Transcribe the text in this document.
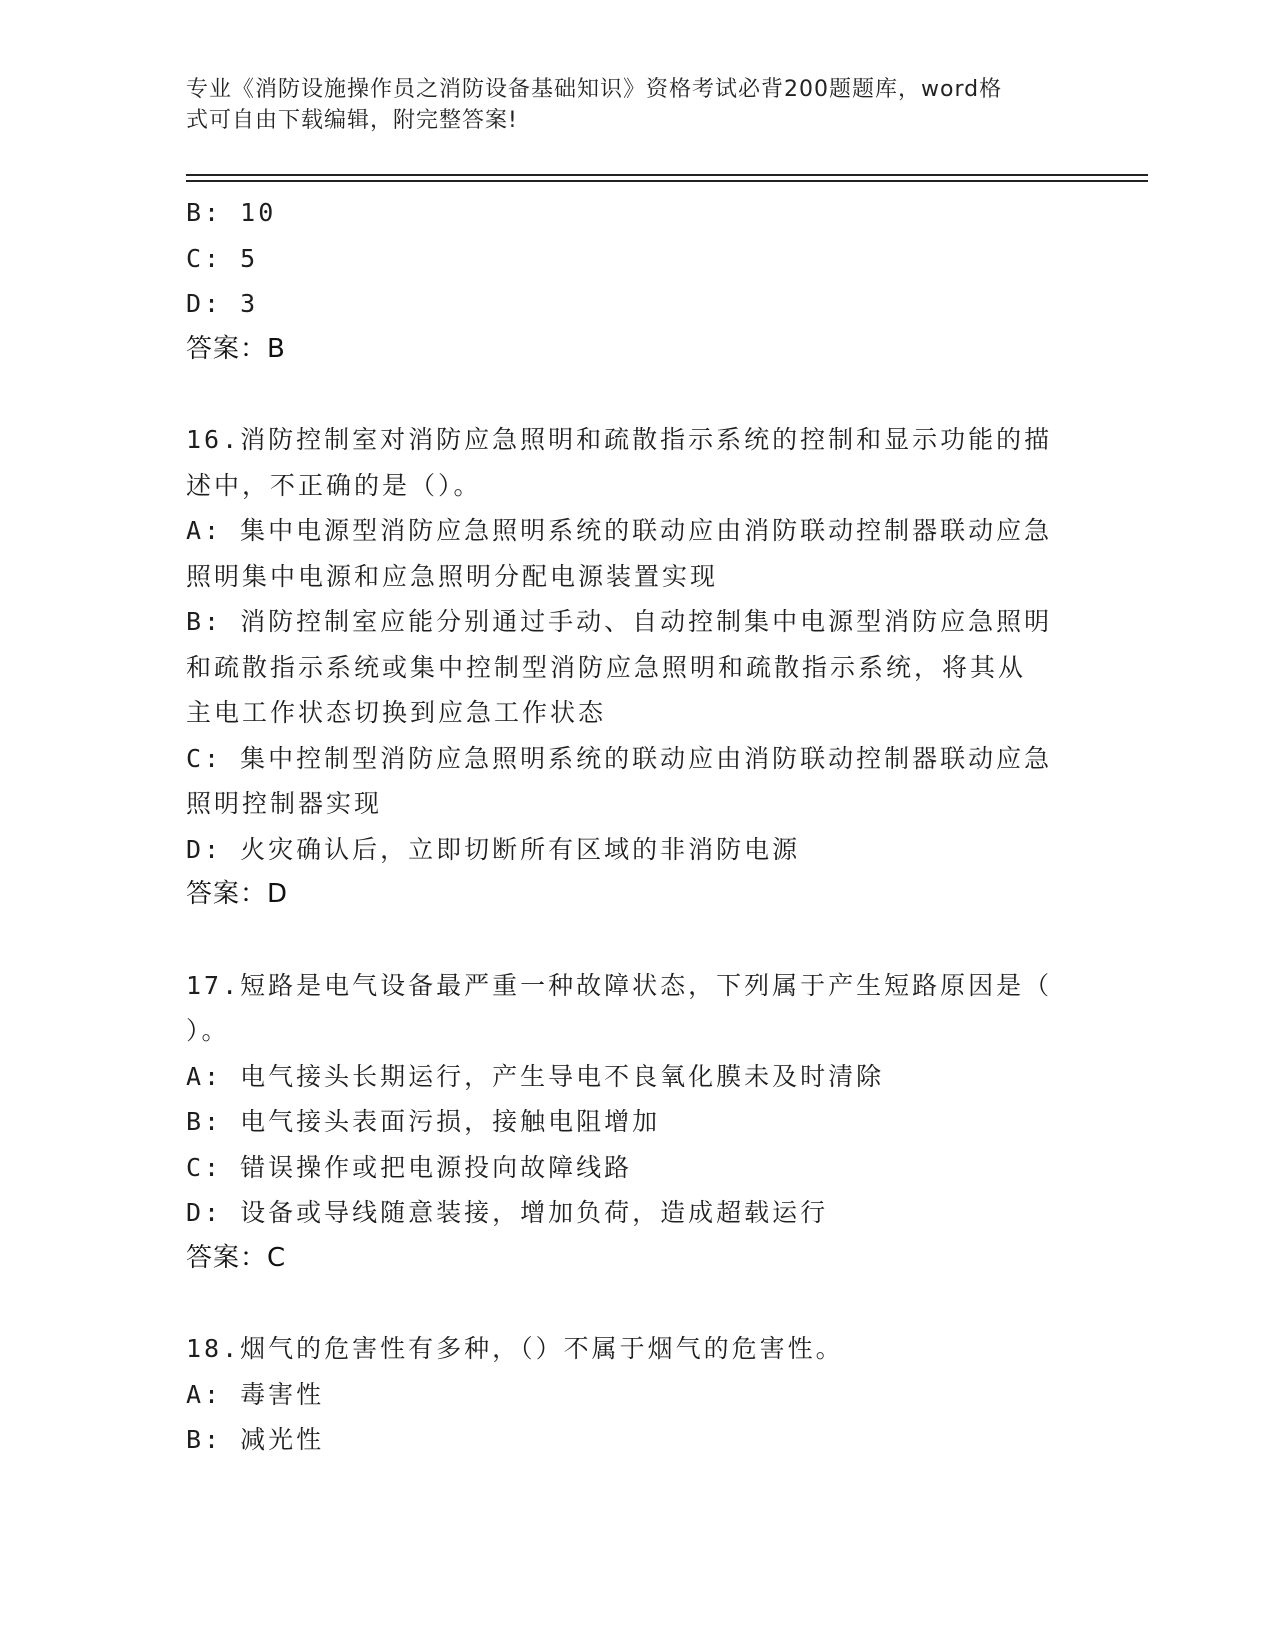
专业《消防设施操作员之消防设备基础知识》资格考试必背200题题库，word格
式可自由下载编辑，附完整答案!
B: 10
C: 5
D: 3
答案：B
16.消防控制室对消防应急照明和疏散指示系统的控制和显示功能的描
述中，不正确的是（）。
A: 集中电源型消防应急照明系统的联动应由消防联动控制器联动应急
照明集中电源和应急照明分配电源装置实现
B: 消防控制室应能分别通过手动、自动控制集中电源型消防应急照明
和疏散指示系统或集中控制型消防应急照明和疏散指示系统，将其从
主电工作状态切换到应急工作状态
C: 集中控制型消防应急照明系统的联动应由消防联动控制器联动应急
照明控制器实现
D: 火灾确认后，立即切断所有区域的非消防电源
答案：D
17.短路是电气设备最严重一种故障状态，下列属于产生短路原因是（
）。
A: 电气接头长期运行，产生导电不良氧化膜未及时清除
B: 电气接头表面污损，接触电阻增加
C: 错误操作或把电源投向故障线路
D: 设备或导线随意装接，增加负荷，造成超载运行
答案：C
18.烟气的危害性有多种，（）不属于烟气的危害性。
A: 毒害性
B: 减光性
